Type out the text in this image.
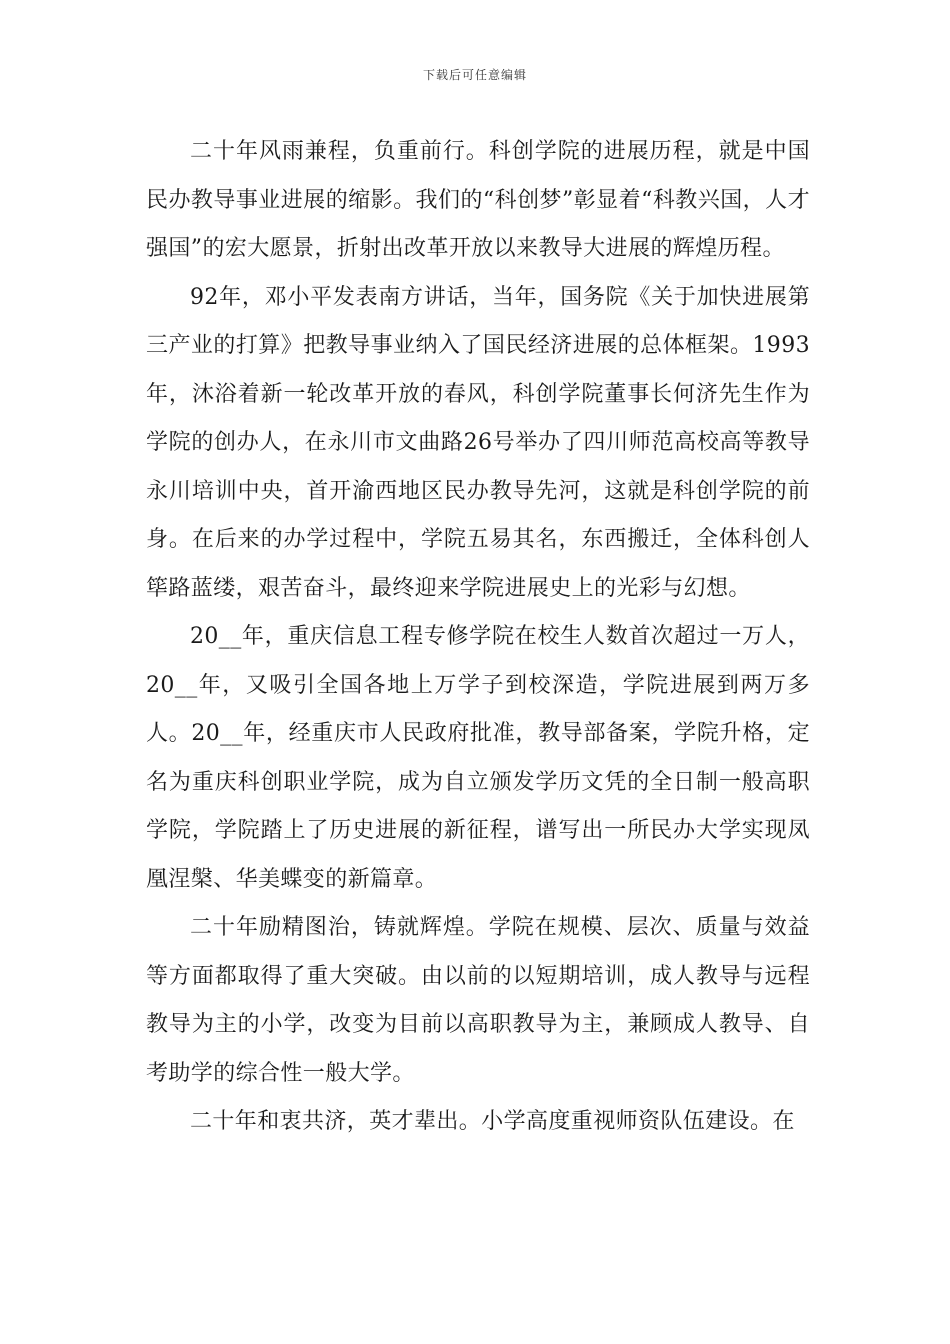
下载后可任意编辑

二十年风雨兼程，负重前行。科创学院的进展历程，就是中国民办教导事业进展的缩影。我们的“科创梦”彰显着“科教兴国，人才强国”的宏大愿景，折射出改革开放以来教导大进展的辉煌历程。

92年，邓小平发表南方讲话，当年，国务院《关于加快进展第三产业的打算》把教导事业纳入了国民经济进展的总体框架。1993年，沐浴着新一轮改革开放的春风，科创学院董事长何济先生作为学院的创办人，在永川市文曲路26号举办了四川师范高校高等教导永川培训中央，首开渝西地区民办教导先河，这就是科创学院的前身。在后来的办学过程中，学院五易其名，东西搬迁，全体科创人筚路蓝缕，艰苦奋斗，最终迎来学院进展史上的光彩与幻想。

20__年，重庆信息工程专修学院在校生人数首次超过一万人，20__年，又吸引全国各地上万学子到校深造，学院进展到两万多人。20__年，经重庆市人民政府批准，教导部备案，学院升格，定名为重庆科创职业学院，成为自立颁发学历文凭的全日制一般高职学院，学院踏上了历史进展的新征程，谱写出一所民办大学实现凤凰涅槃、华美蝶变的新篇章。

二十年励精图治，铸就辉煌。学院在规模、层次、质量与效益等方面都取得了重大突破。由以前的以短期培训，成人教导与远程教导为主的小学，改变为目前以高职教导为主，兼顾成人教导、自考助学的综合性一般大学。

二十年和衷共济，英才辈出。小学高度重视师资队伍建设。在
